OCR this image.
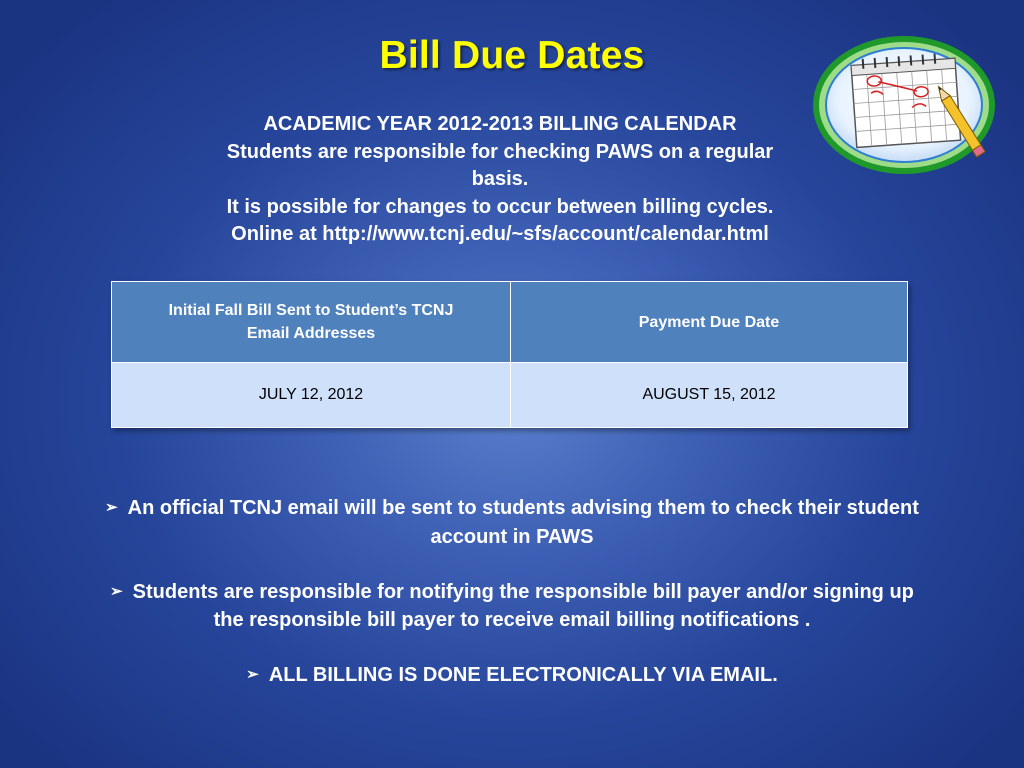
Bill Due Dates
ACADEMIC YEAR 2012-2013 BILLING CALENDAR
Students are responsible for checking PAWS on a regular
basis.
It is possible for changes to occur between billing cycles.
Online at http://www.tcnj.edu/~sfs/account/calendar.html
Initial Fall Bill Sent to Student’s TCNJ
Email Addresses	Payment Due Date
JULY 12, 2012	AUGUST 15, 2012
➢ An official TCNJ email will be sent to students advising them to check their student
account in PAWS
➢ Students are responsible for notifying the responsible bill payer and/or signing up
the responsible bill payer to receive email billing notifications .
➢ ALL BILLING IS DONE ELECTRONICALLY VIA EMAIL.
